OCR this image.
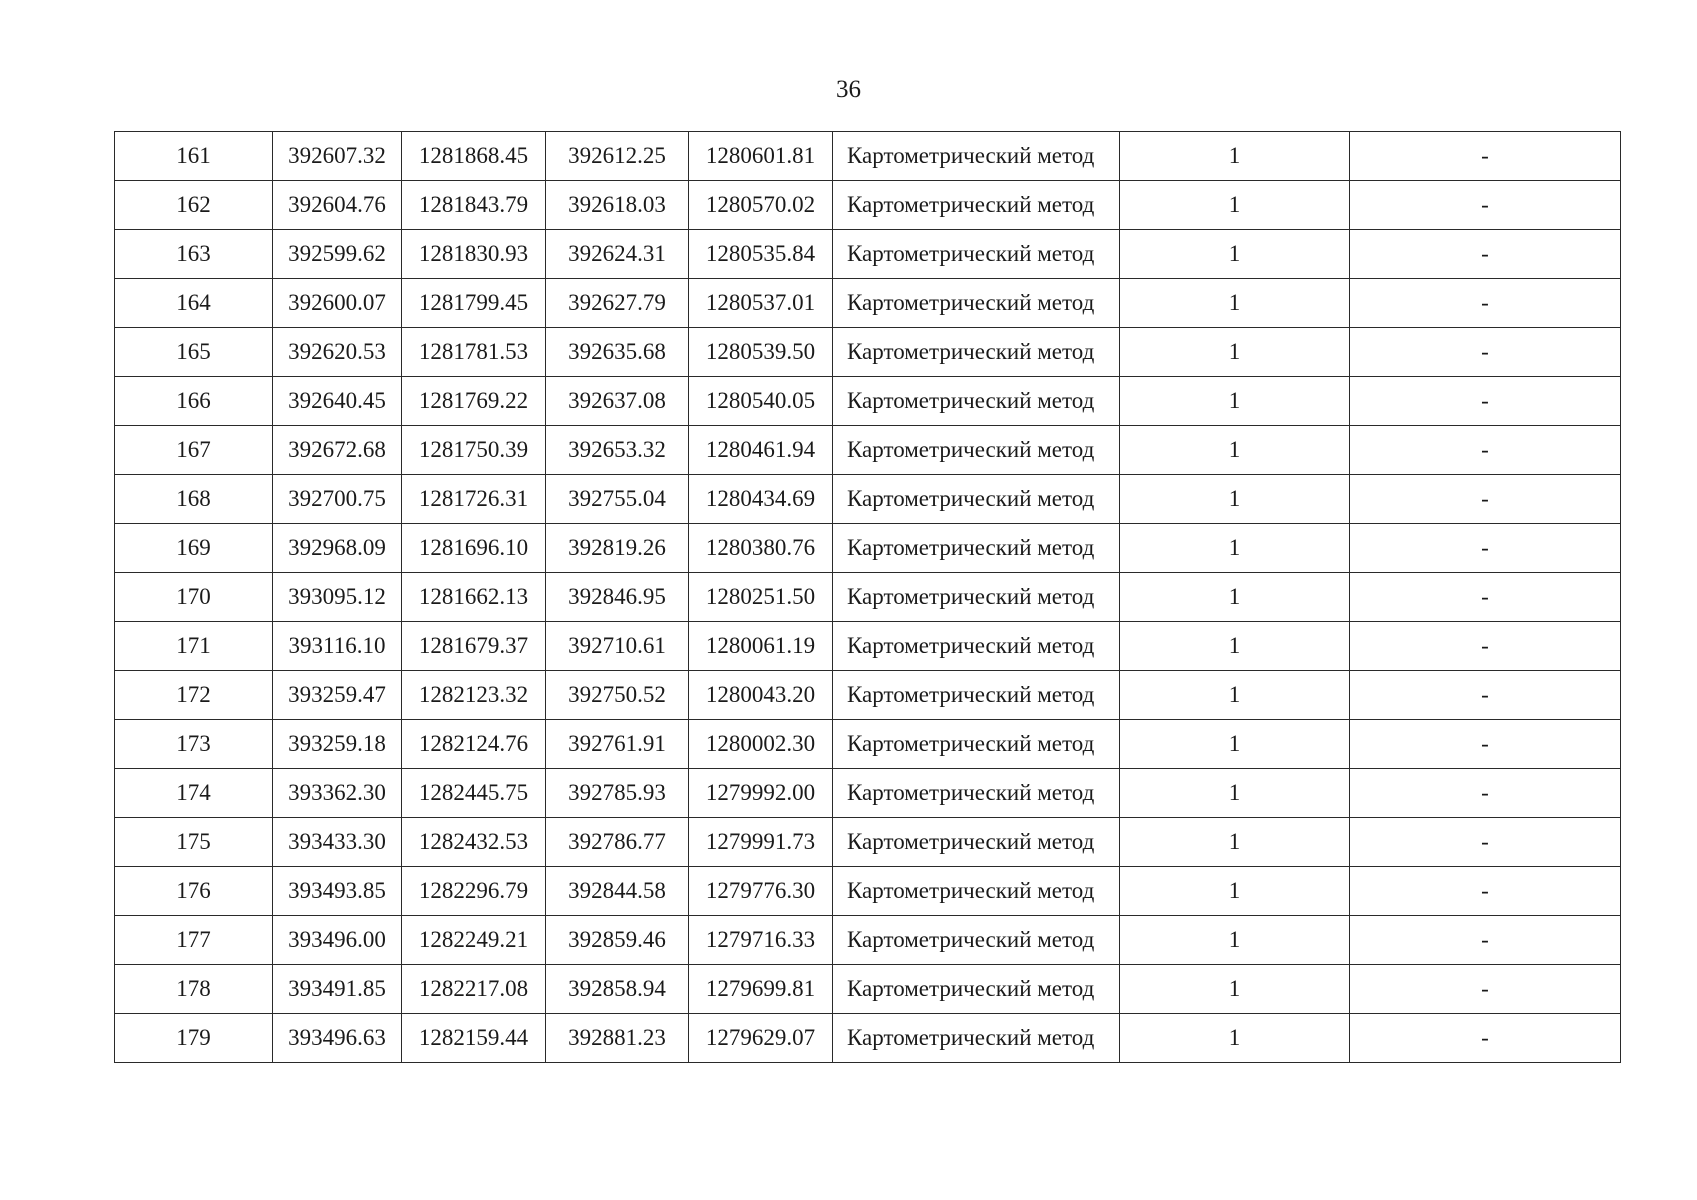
36
161	392607.32	1281868.45	392612.25	1280601.81	Картометрический метод	1	-
162	392604.76	1281843.79	392618.03	1280570.02	Картометрический метод	1	-
163	392599.62	1281830.93	392624.31	1280535.84	Картометрический метод	1	-
164	392600.07	1281799.45	392627.79	1280537.01	Картометрический метод	1	-
165	392620.53	1281781.53	392635.68	1280539.50	Картометрический метод	1	-
166	392640.45	1281769.22	392637.08	1280540.05	Картометрический метод	1	-
167	392672.68	1281750.39	392653.32	1280461.94	Картометрический метод	1	-
168	392700.75	1281726.31	392755.04	1280434.69	Картометрический метод	1	-
169	392968.09	1281696.10	392819.26	1280380.76	Картометрический метод	1	-
170	393095.12	1281662.13	392846.95	1280251.50	Картометрический метод	1	-
171	393116.10	1281679.37	392710.61	1280061.19	Картометрический метод	1	-
172	393259.47	1282123.32	392750.52	1280043.20	Картометрический метод	1	-
173	393259.18	1282124.76	392761.91	1280002.30	Картометрический метод	1	-
174	393362.30	1282445.75	392785.93	1279992.00	Картометрический метод	1	-
175	393433.30	1282432.53	392786.77	1279991.73	Картометрический метод	1	-
176	393493.85	1282296.79	392844.58	1279776.30	Картометрический метод	1	-
177	393496.00	1282249.21	392859.46	1279716.33	Картометрический метод	1	-
178	393491.85	1282217.08	392858.94	1279699.81	Картометрический метод	1	-
179	393496.63	1282159.44	392881.23	1279629.07	Картометрический метод	1	-
